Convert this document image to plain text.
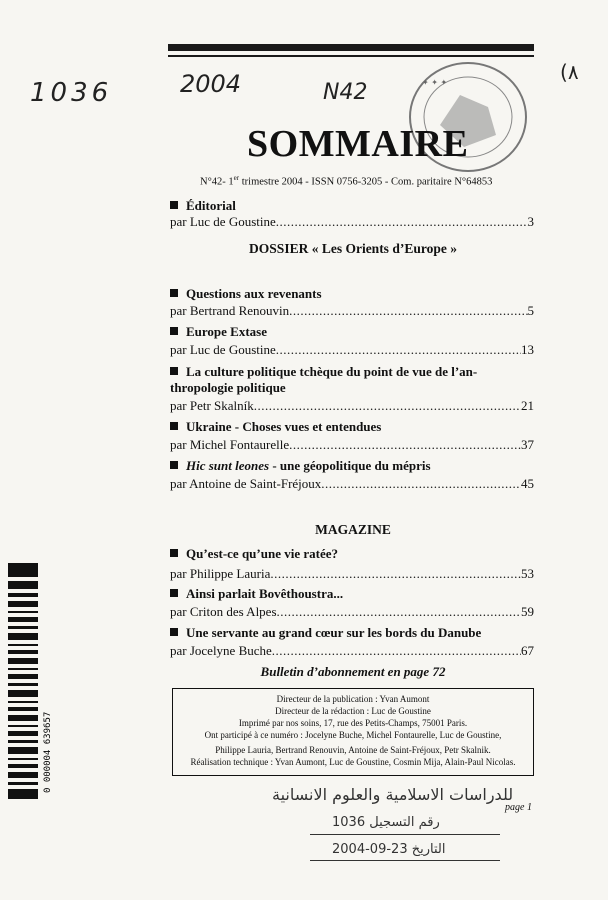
1036	2004	N42
(٨
✦ ✦ ✦
SOMMAIRE
N°42- 1er trimestre 2004 - ISSN 0756-3205 - Com. paritaire N°64853
Éditorial
par Luc de Goustine .....	3
DOSSIER « Les Orients d’Europe »
Questions aux revenants
par Bertrand Renouvin .....	5
Europe Extase
par Luc de Goustine .....	13
La culture politique tchèque du point de vue de l’an-
thropologie politique
par Petr Skalník .....	21
Ukraine - Choses vues et entendues
par Michel Fontaurelle .....	37
Hic sunt leones - une géopolitique du mépris
par Antoine de Saint-Fréjoux .....	45
MAGAZINE
Qu’est-ce qu’une vie ratée?
par Philippe Lauria .....	53
Ainsi parlait Bovêthoustra...
par Criton des Alpes .....	59
Une servante au grand cœur sur les bords du Danube
par Jocelyne Buche .....	67
Bulletin d’abonnement en page 72
Directeur de la publication : Yvan Aumont
Directeur de la rédaction : Luc de Goustine
Imprimé par nos soins, 17, rue des Petits-Champs, 75001 Paris.
Ont participé à ce numéro : Jocelyne Buche, Michel Fontaurelle, Luc de Goustine,
Philippe Lauria, Bertrand Renouvin, Antoine de Saint-Fréjoux, Petr Skalnik.
Réalisation technique : Yvan Aumont, Luc de Goustine, Cosmin Mija, Alain-Paul Nicolas.
0 000004 639657
للدراسات الاسلامية والعلوم الانسانية
رقم التسجيل 1036
التاريخ 23-09-2004
page 1
